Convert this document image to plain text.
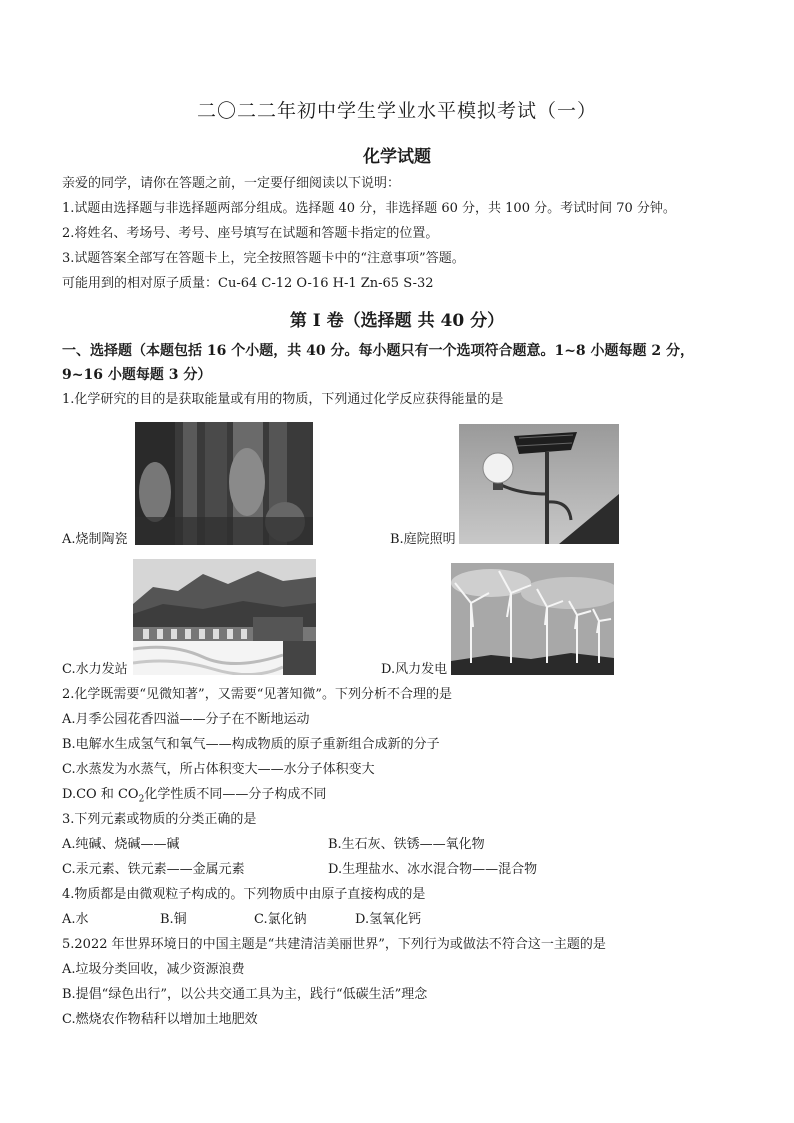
二〇二二年初中学生学业水平模拟考试（一）
化学试题
亲爱的同学，请你在答题之前，一定要仔细阅读以下说明：
1.试题由选择题与非选择题两部分组成。选择题 40 分，非选择题 60 分，共 100 分。考试时间 70 分钟。
2.将姓名、考场号、考号、座号填写在试题和答题卡指定的位置。
3.试题答案全部写在答题卡上，完全按照答题卡中的“注意事项”答题。
可能用到的相对原子质量：Cu-64 C-12 O-16 H-1 Zn-65 S-32
第 I 卷（选择题 共 40 分）
一、选择题（本题包括 16 个小题，共 40 分。每小题只有一个选项符合题意。1~8 小题每题 2 分，
9~16 小题每题 3 分）
1.化学研究的目的是获取能量或有用的物质，下列通过化学反应获得能量的是
A.烧制陶瓷	B.庭院照明
C.水力发站	D.风力发电
2.化学既需要“见微知著”，又需要“见著知微”。下列分析不合理的是
A.月季公园花香四溢——分子在不断地运动
B.电解水生成氢气和氧气——构成物质的原子重新组合成新的分子
C.水蒸发为水蒸气，所占体积变大——水分子体积变大
D.CO 和 $CO_2$化学性质不同——分子构成不同
3.下列元素或物质的分类正确的是
A.纯碱、烧碱——碱	B.生石灰、铁锈——氧化物
C.汞元素、铁元素——金属元素	D.生理盐水、冰水混合物——混合物
4.物质都是由微观粒子构成的。下列物质中由原子直接构成的是
A.水	B.铜	C.氯化钠	D.氢氧化钙
5.2022 年世界环境日的中国主题是“共建清洁美丽世界”，下列行为或做法不符合这一主题的是
A.垃圾分类回收，减少资源浪费
B.提倡“绿色出行”，以公共交通工具为主，践行“低碳生活”理念
C.燃烧农作物秸秆以增加土地肥效
